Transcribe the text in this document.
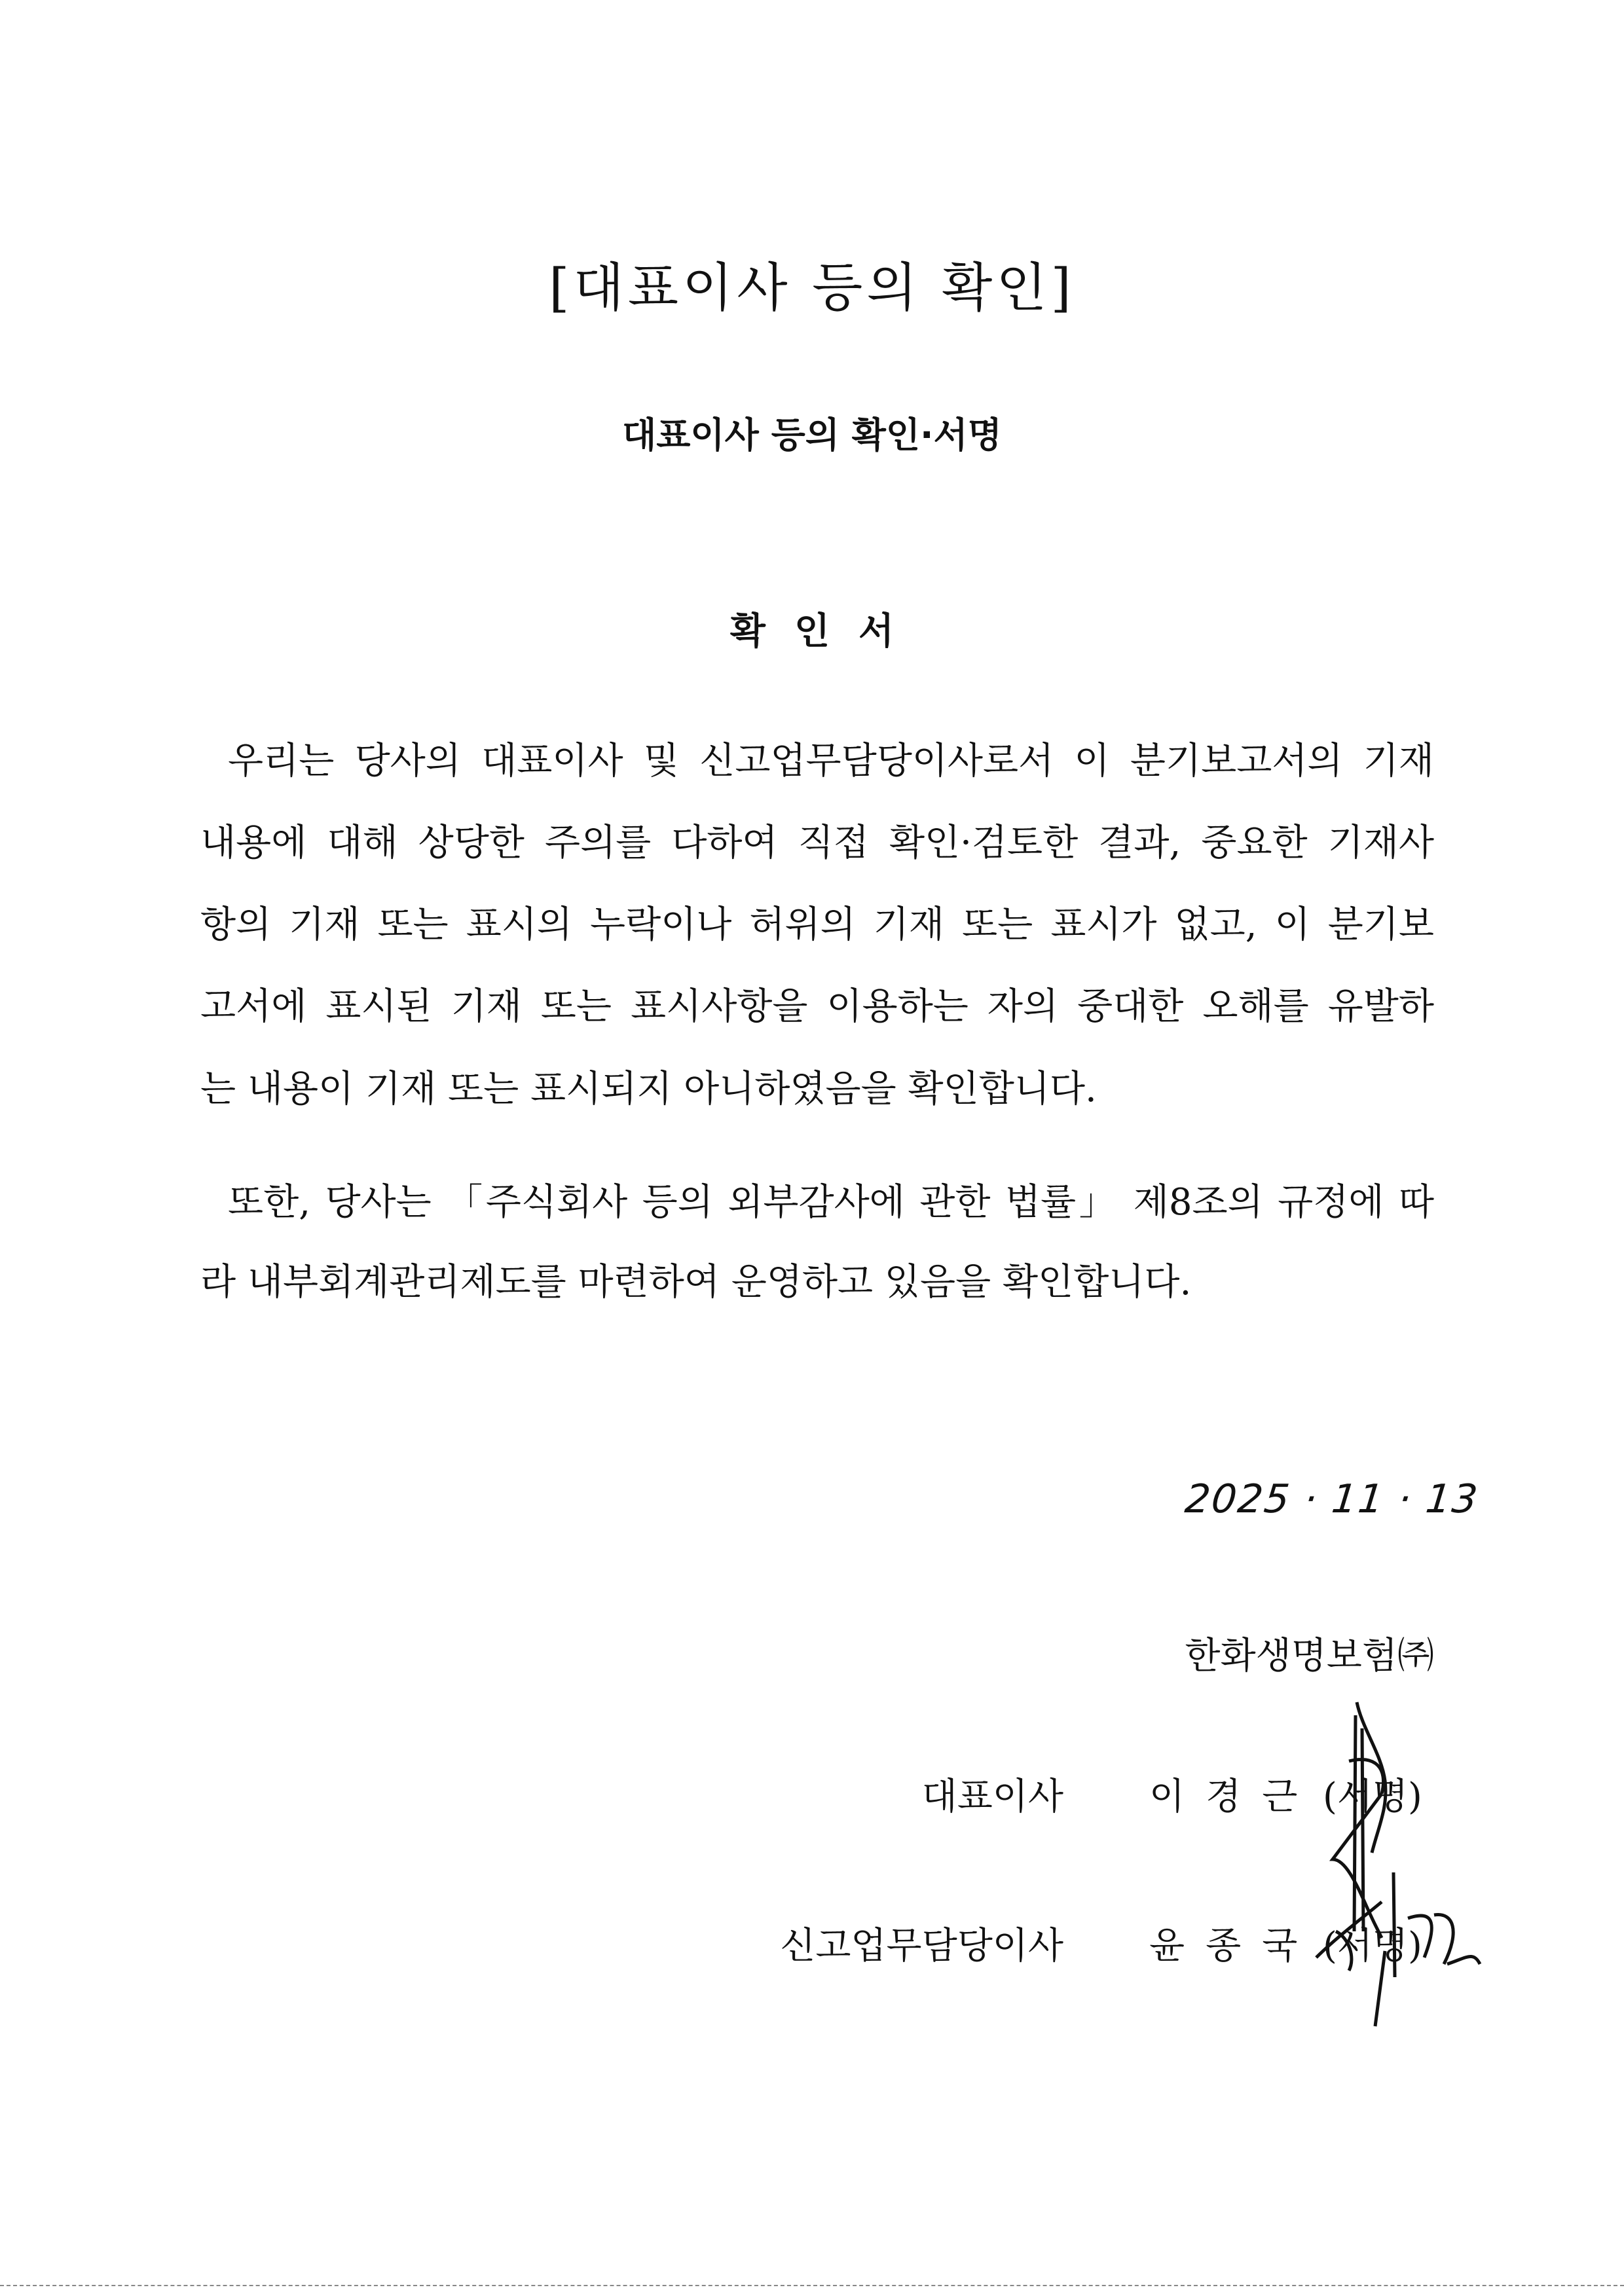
[대표이사 등의 확인]
대표이사 등의 확인·서명
확인서
우리는 당사의 대표이사 및 신고업무담당이사로서 이 분기보고서의 기재
내용에 대해 상당한 주의를 다하여 직접 확인·검토한 결과, 중요한 기재사
항의 기재 또는 표시의 누락이나 허위의 기재 또는 표시가 없고, 이 분기보
고서에 표시된 기재 또는 표시사항을 이용하는 자의 중대한 오해를 유발하
는 내용이 기재 또는 표시되지 아니하였음을 확인합니다.
또한, 당사는 「주식회사 등의 외부감사에 관한 법률」 제8조의 규정에 따
라 내부회계관리제도를 마련하여 운영하고 있음을 확인합니다.
2025 · 11 · 13
한화생명보험㈜
대표이사 이경근 (서명)
신고업무담당이사 윤종국 (서명)
